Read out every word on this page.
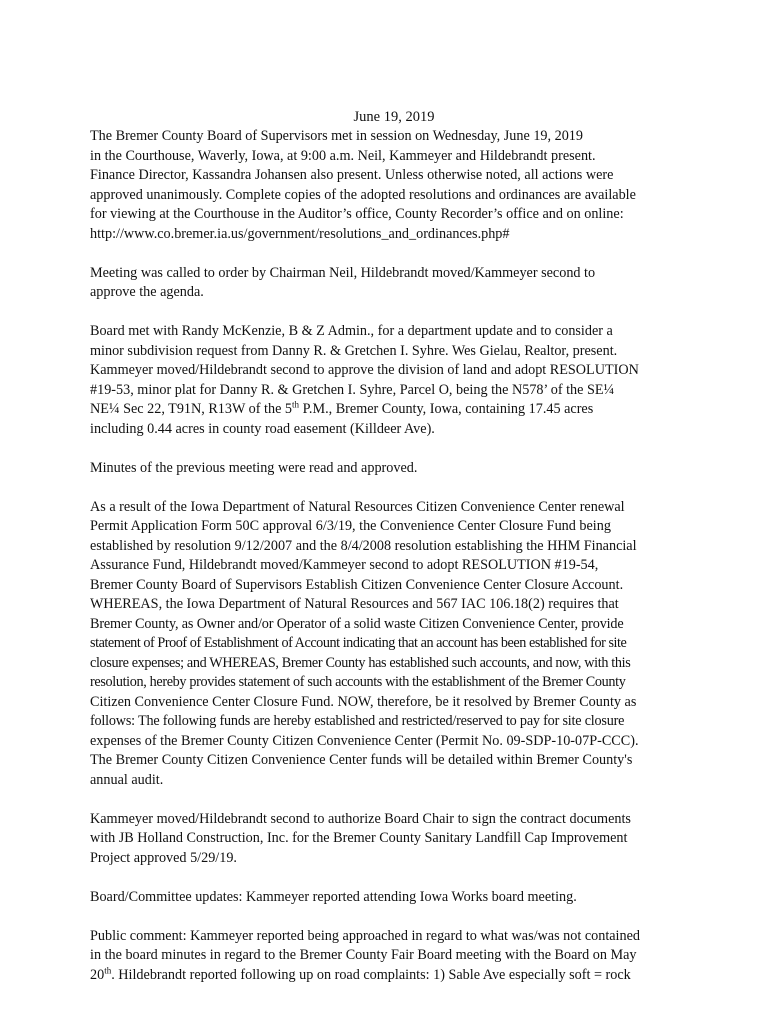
June 19, 2019

The Bremer County Board of Supervisors met in session on Wednesday, June 19, 2019
in the Courthouse, Waverly, Iowa, at 9:00 a.m. Neil, Kammeyer and Hildebrandt present.
Finance Director, Kassandra Johansen also present. Unless otherwise noted, all actions were
approved unanimously. Complete copies of the adopted resolutions and ordinances are available
for viewing at the Courthouse in the Auditor’s office, County Recorder’s office and on online:
http://www.co.bremer.ia.us/government/resolutions_and_ordinances.php#

Meeting was called to order by Chairman Neil, Hildebrandt moved/Kammeyer second to
approve the agenda.

Board met with Randy McKenzie, B & Z Admin., for a department update and to consider a
minor subdivision request from Danny R. & Gretchen I. Syhre. Wes Gielau, Realtor, present.
Kammeyer moved/Hildebrandt second to approve the division of land and adopt RESOLUTION
#19-53, minor plat for Danny R. & Gretchen I. Syhre, Parcel O, being the N578’ of the SE¼
NE¼ Sec 22, T91N, R13W of the 5th P.M., Bremer County, Iowa, containing 17.45 acres
including 0.44 acres in county road easement (Killdeer Ave).

Minutes of the previous meeting were read and approved.

As a result of the Iowa Department of Natural Resources Citizen Convenience Center renewal
Permit Application Form 50C approval 6/3/19, the Convenience Center Closure Fund being
established by resolution 9/12/2007 and the 8/4/2008 resolution establishing the HHM Financial
Assurance Fund, Hildebrandt moved/Kammeyer second to adopt RESOLUTION #19-54,
Bremer County Board of Supervisors Establish Citizen Convenience Center Closure Account.
WHEREAS, the Iowa Department of Natural Resources and 567 IAC 106.18(2) requires that
Bremer County, as Owner and/or Operator of a solid waste Citizen Convenience Center, provide
statement of Proof of Establishment of Account indicating that an account has been established for site
closure expenses; and WHEREAS, Bremer County has established such accounts, and now, with this
resolution, hereby provides statement of such accounts with the establishment of the Bremer County
Citizen Convenience Center Closure Fund. NOW, therefore, be it resolved by Bremer County as
follows: The following funds are hereby established and restricted/reserved to pay for site closure
expenses of the Bremer County Citizen Convenience Center (Permit No. 09-SDP-10-07P-CCC).
The Bremer County Citizen Convenience Center funds will be detailed within Bremer County's
annual audit.

Kammeyer moved/Hildebrandt second to authorize Board Chair to sign the contract documents
with JB Holland Construction, Inc. for the Bremer County Sanitary Landfill Cap Improvement
Project approved 5/29/19.

Board/Committee updates: Kammeyer reported attending Iowa Works board meeting.

Public comment: Kammeyer reported being approached in regard to what was/was not contained
in the board minutes in regard to the Bremer County Fair Board meeting with the Board on May
20th. Hildebrandt reported following up on road complaints: 1) Sable Ave especially soft = rock
